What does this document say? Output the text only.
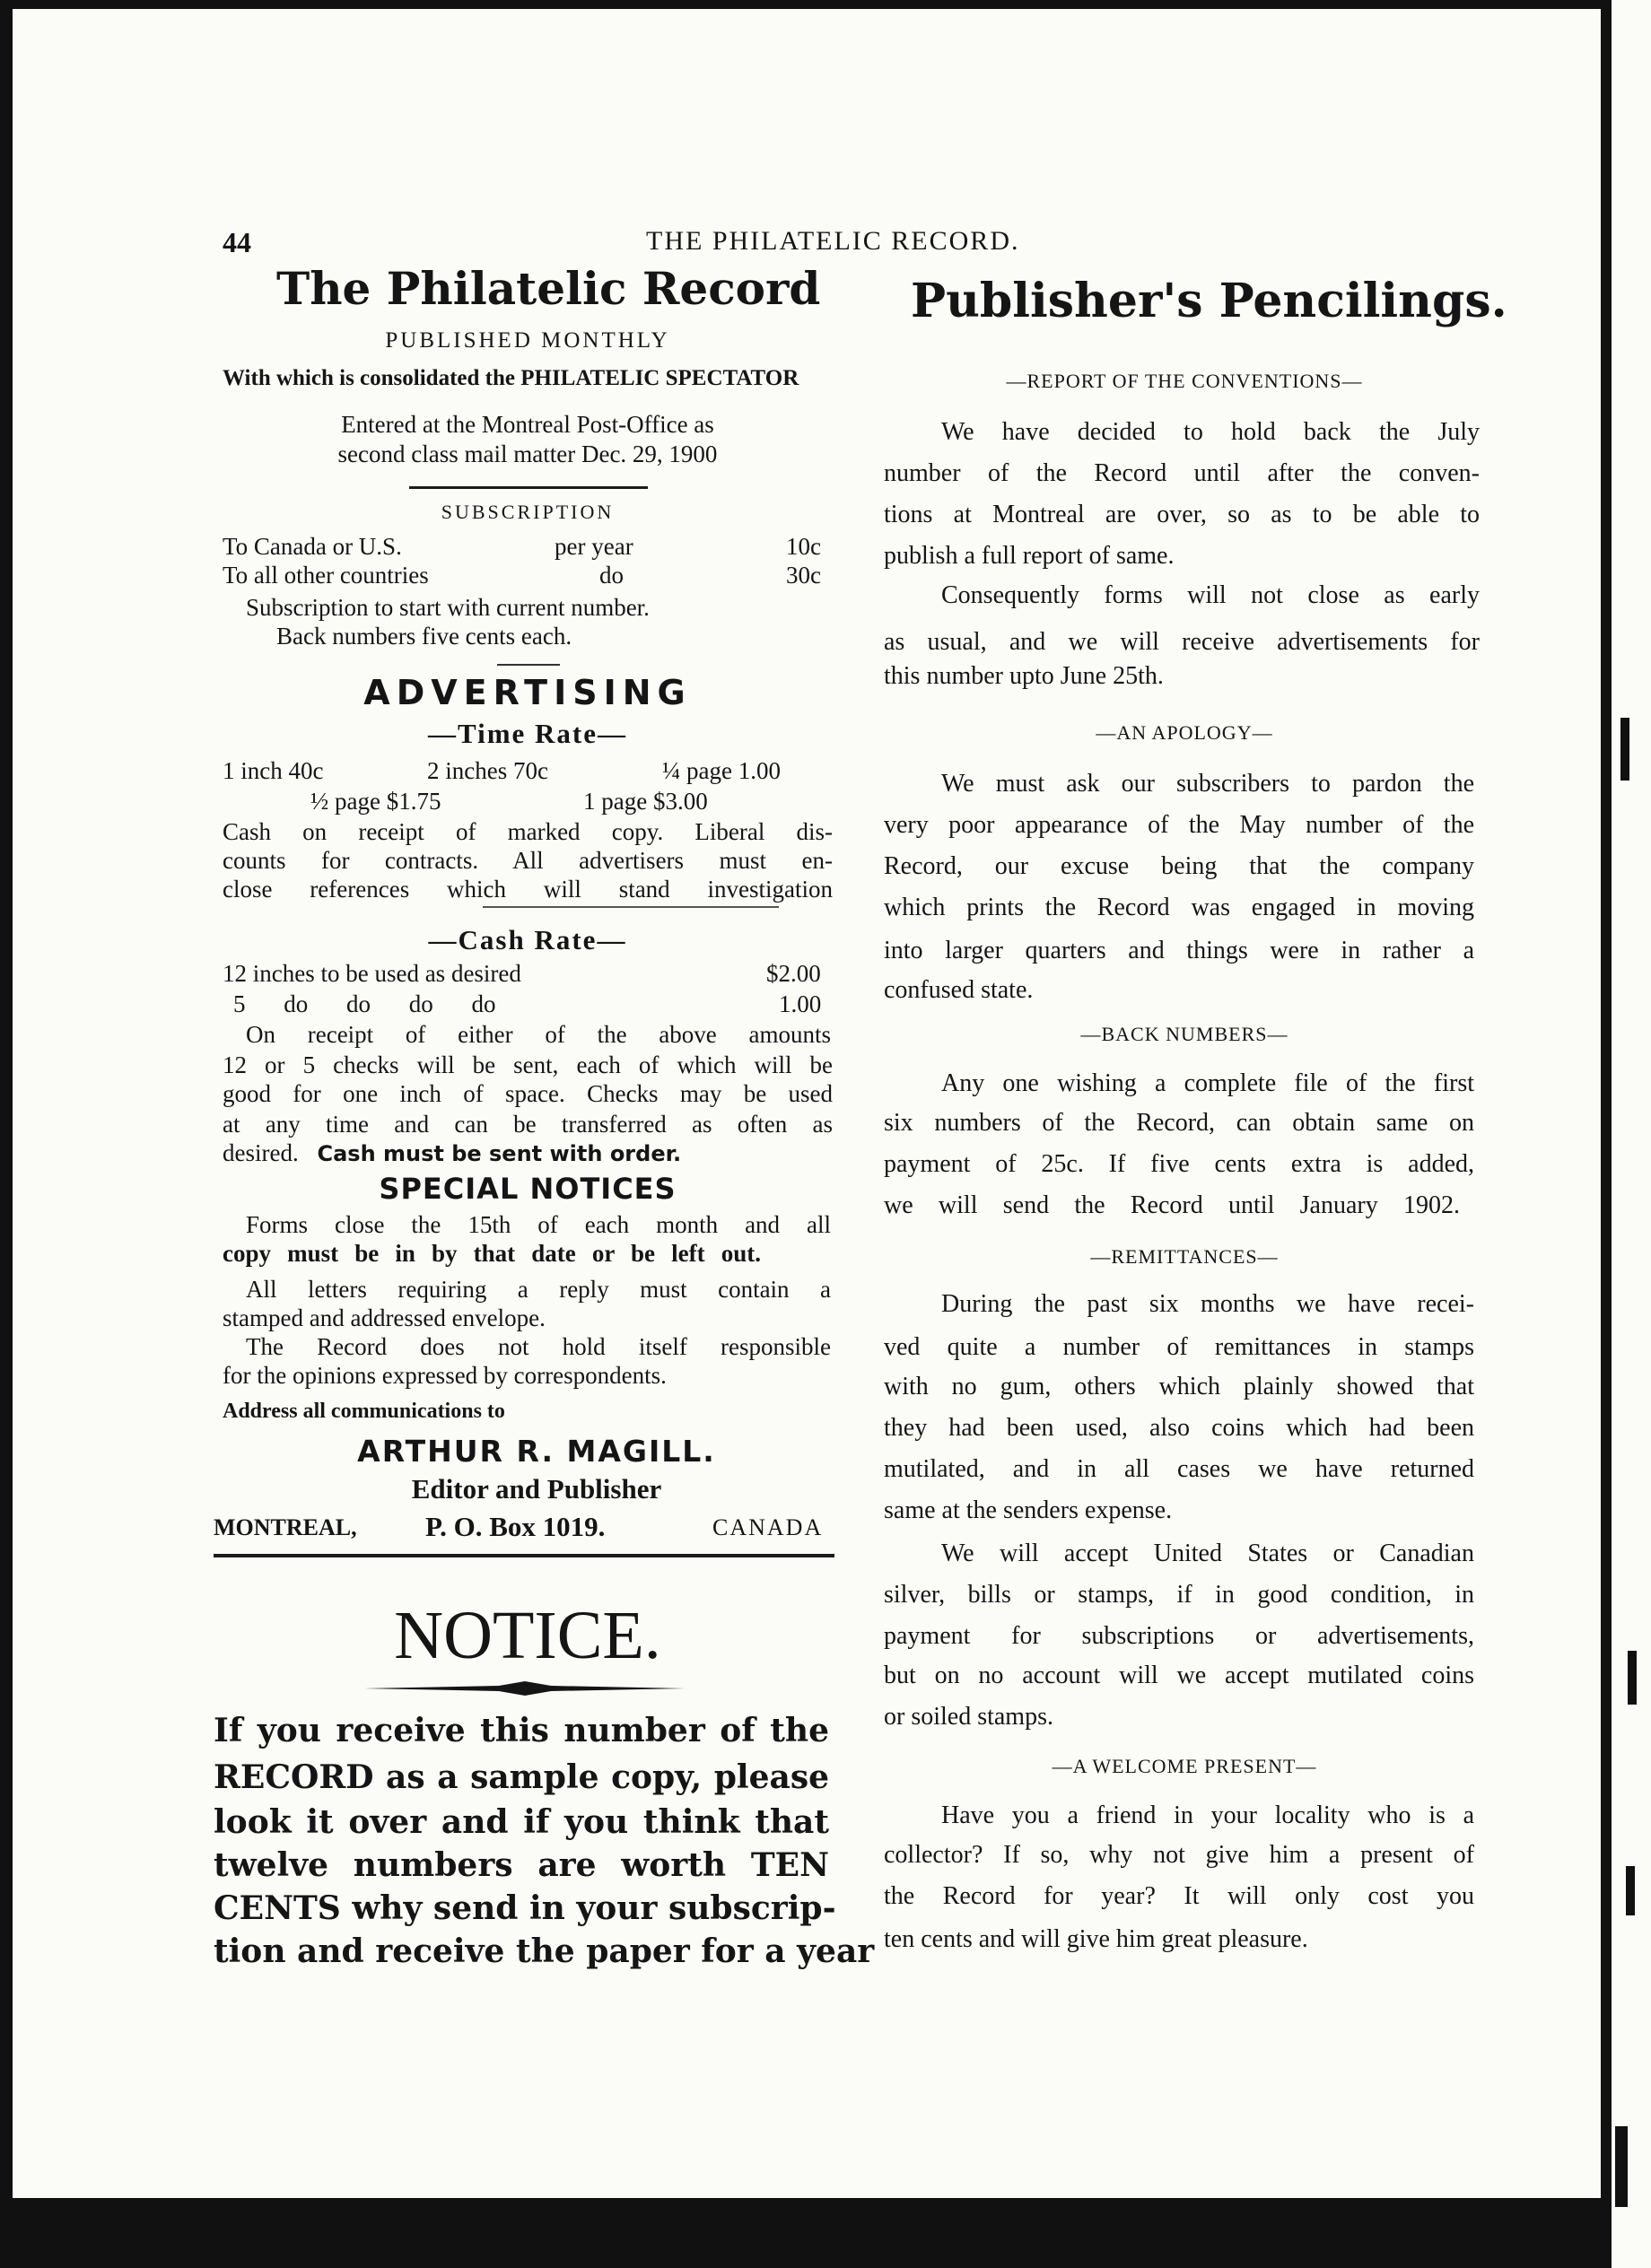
44	THE PHILATELIC RECORD.
The Philatelic Record
PUBLISHED MONTHLY
With which is consolidated the PHILATELIC SPECTATOR
Entered at the Montreal Post-Office as
second class mail matter Dec. 29, 1900
SUBSCRIPTION
To Canada or U.S.	per year	10c
To all other countries	do	30c
Subscription to start with current number.
Back numbers five cents each.
ADVERTISING
—Time Rate—
1 inch 40c	2 inches 70c	¼ page 1.00
½ page $1.75	1 page $3.00
Cash on receipt of marked copy. Liberal dis-
counts for contracts. All advertisers must en-
close references which will stand investigation
—Cash Rate—
12 inches to be used as desired	$2.00
5 do do do do	1.00
On receipt of either of the above amounts
12 or 5 checks will be sent, each of which will be
good for one inch of space. Checks may be used
at any time and can be transferred as often as
desired. Cash must be sent with order.
SPECIAL NOTICES
Forms close the 15th of each month and all
copy must be in by that date or be left out.
All letters requiring a reply must contain a
stamped and addressed envelope.
The Record does not hold itself responsible
for the opinions expressed by correspondents.
Address all communications to
ARTHUR R. MAGILL.
Editor and Publisher
MONTREAL, P. O. Box 1019.	CANADA
NOTICE.
If you receive this number of the
RECORD as a sample copy, please
look it over and if you think that
twelve numbers are worth TEN
CENTS why send in your subscrip-
tion and receive the paper for a year
Publisher's Pencilings.
—REPORT OF THE CONVENTIONS—
We have decided to hold back the July
number of the Record until after the conven-
tions at Montreal are over, so as to be able to
publish a full report of same.
Consequently forms will not close as early
as usual, and we will receive advertisements for
this number upto June 25th.
—AN APOLOGY—
We must ask our subscribers to pardon the
very poor appearance of the May number of the
Record, our excuse being that the company
which prints the Record was engaged in moving
into larger quarters and things were in rather a
confused state.
—BACK NUMBERS—
Any one wishing a complete file of the first
six numbers of the Record, can obtain same on
payment of 25c. If five cents extra is added,
we will send the Record until January 1902.
—REMITTANCES—
During the past six months we have recei-
ved quite a number of remittances in stamps
with no gum, others which plainly showed that
they had been used, also coins which had been
mutilated, and in all cases we have returned
same at the senders expense.
We will accept United States or Canadian
silver, bills or stamps, if in good condition, in
payment for subscriptions or advertisements,
but on no account will we accept mutilated coins
or soiled stamps.
—A WELCOME PRESENT—
Have you a friend in your locality who is a
collector? If so, why not give him a present of
the Record for year? It will only cost you
ten cents and will give him great pleasure.
